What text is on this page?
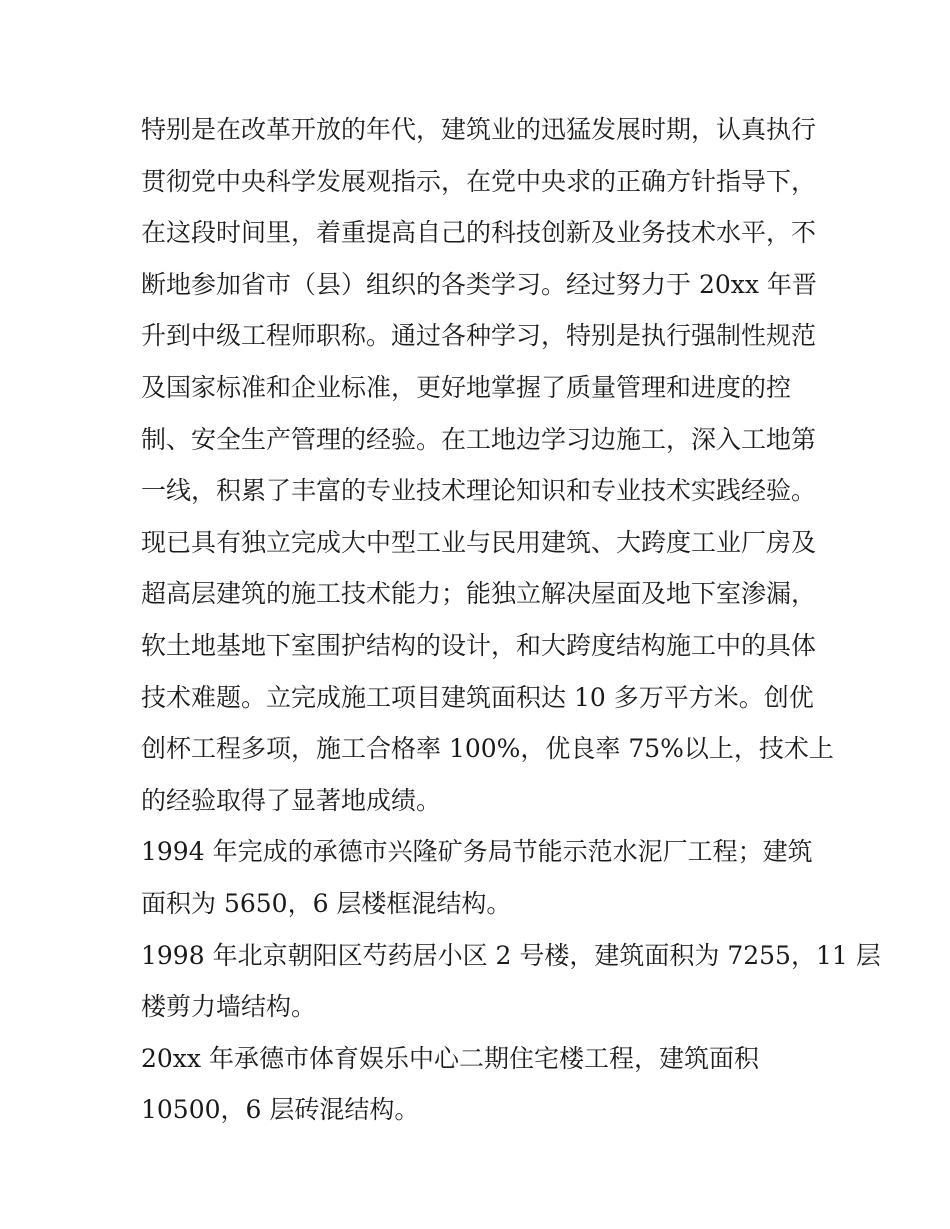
特别是在改革开放的年代，建筑业的迅猛发展时期，认真执行
贯彻党中央科学发展观指示，在党中央求的正确方针指导下，
在这段时间里，着重提高自己的科技创新及业务技术水平，不
断地参加省市（县）组织的各类学习。经过努力于 20xx 年晋
升到中级工程师职称。通过各种学习，特别是执行强制性规范
及国家标准和企业标准，更好地掌握了质量管理和进度的控
制、安全生产管理的经验。在工地边学习边施工，深入工地第
一线，积累了丰富的专业技术理论知识和专业技术实践经验。
现已具有独立完成大中型工业与民用建筑、大跨度工业厂房及
超高层建筑的施工技术能力；能独立解决屋面及地下室渗漏，
软土地基地下室围护结构的设计，和大跨度结构施工中的具体
技术难题。立完成施工项目建筑面积达 10 多万平方米。创优
创杯工程多项，施工合格率 100%，优良率 75%以上，技术上
的经验取得了显著地成绩。
1994 年完成的承德市兴隆矿务局节能示范水泥厂工程；建筑
面积为 5650，6 层楼框混结构。
1998 年北京朝阳区芍药居小区 2 号楼，建筑面积为 7255，11 层
楼剪力墙结构。
20xx 年承德市体育娱乐中心二期住宅楼工程，建筑面积
10500，6 层砖混结构。
